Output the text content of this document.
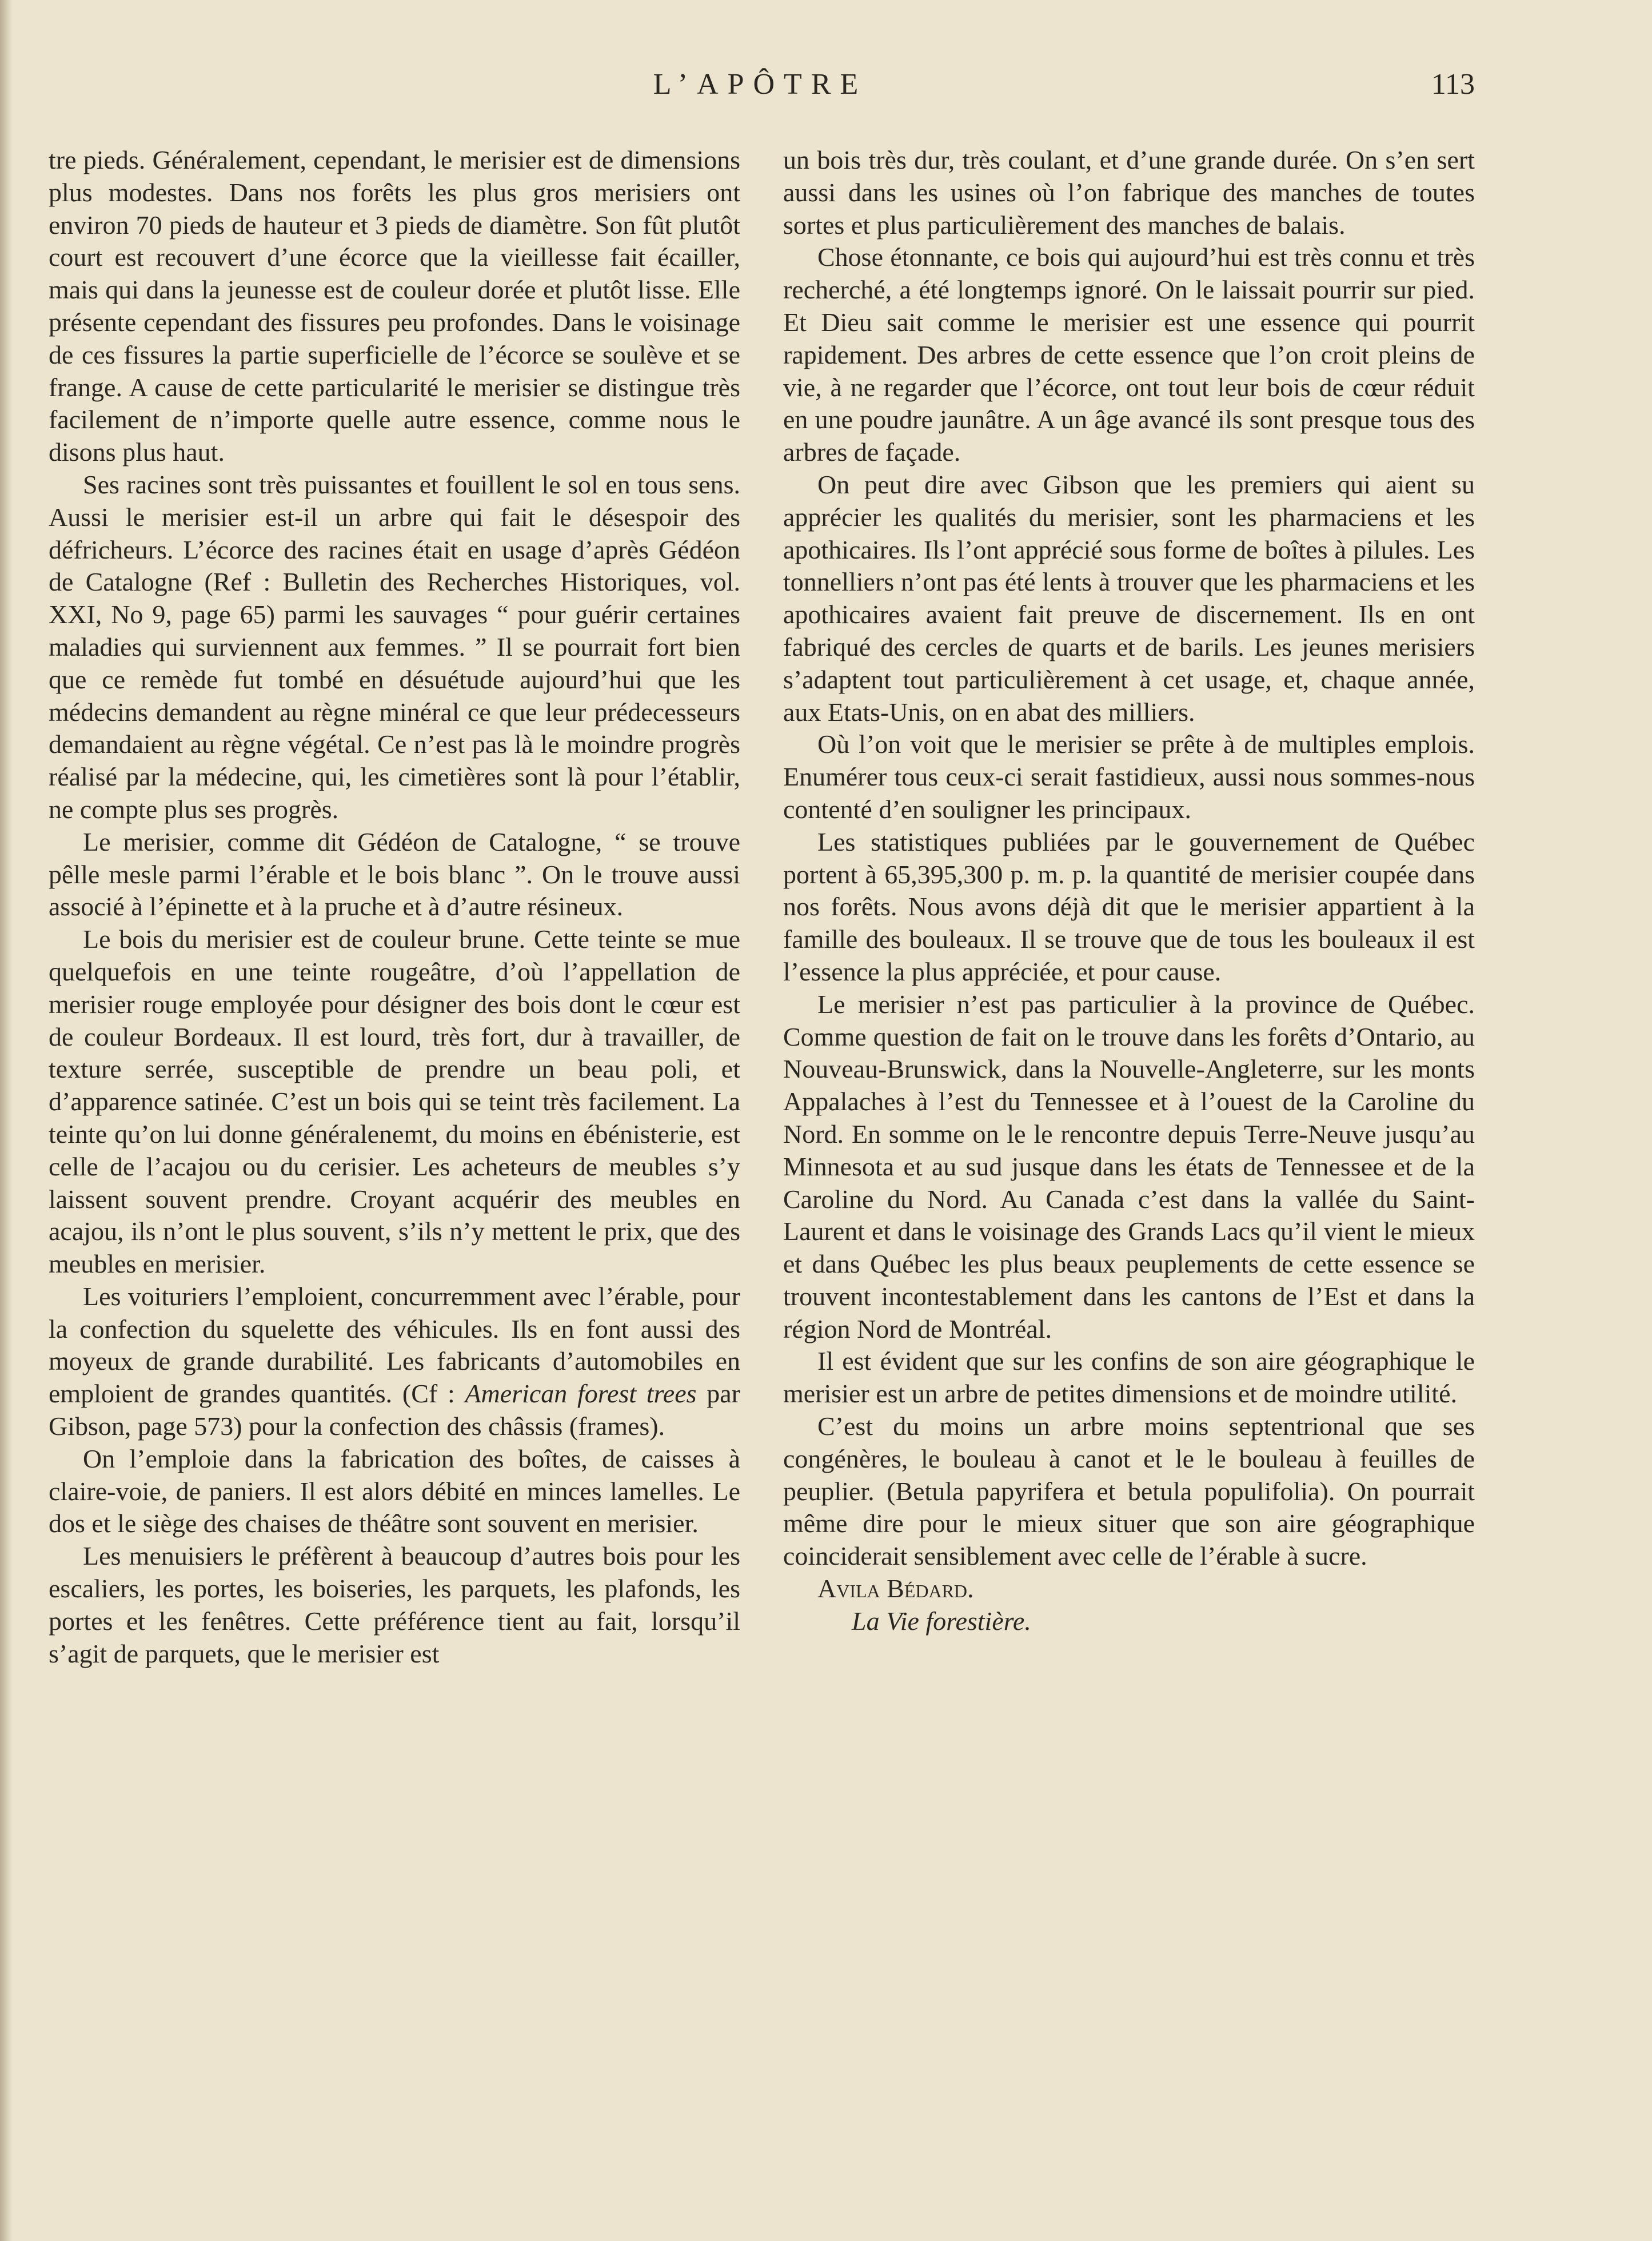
L’APÔTRE	113

tre pieds. Généralement, cependant, le merisier est de dimensions plus modestes. Dans nos forêts les plus gros merisiers ont environ 70 pieds de hauteur et 3 pieds de diamètre. Son fût plutôt court est recouvert d’une écorce que la vieillesse fait écailler, mais qui dans la jeunesse est de couleur dorée et plutôt lisse. Elle présente cependant des fissures peu profondes. Dans le voisinage de ces fissures la partie superficielle de l’écorce se soulève et se frange. A cause de cette particularité le merisier se distingue très facilement de n’importe quelle autre essence, comme nous le disons plus haut.

Ses racines sont très puissantes et fouillent le sol en tous sens. Aussi le merisier est-il un arbre qui fait le désespoir des défricheurs. L’écorce des racines était en usage d’après Gédéon de Catalogne (Ref : Bulletin des Recherches Historiques, vol. XXI, No 9, page 65) parmi les sauvages “ pour guérir certaines maladies qui surviennent aux femmes. ” Il se pourrait fort bien que ce remède fut tombé en désuétude aujourd’hui que les médecins demandent au règne minéral ce que leur prédecesseurs demandaient au règne végétal. Ce n’est pas là le moindre progrès réalisé par la médecine, qui, les cimetières sont là pour l’établir, ne compte plus ses progrès.

Le merisier, comme dit Gédéon de Catalogne, “ se trouve pêlle mesle parmi l’érable et le bois blanc ”. On le trouve aussi associé à l’épinette et à la pruche et à d’autre résineux.

Le bois du merisier est de couleur brune. Cette teinte se mue quelquefois en une teinte rougeâtre, d’où l’appellation de merisier rouge employée pour désigner des bois dont le cœur est de couleur Bordeaux. Il est lourd, très fort, dur à travailler, de texture serrée, susceptible de prendre un beau poli, et d’apparence satinée. C’est un bois qui se teint très facilement. La teinte qu’on lui donne généralenemt, du moins en ébénisterie, est celle de l’acajou ou du cerisier. Les acheteurs de meubles s’y laissent souvent prendre. Croyant acquérir des meubles en acajou, ils n’ont le plus souvent, s’ils n’y mettent le prix, que des meubles en merisier.

Les voituriers l’emploient, concurremment avec l’érable, pour la confection du squelette des véhicules. Ils en font aussi des moyeux de grande durabilité. Les fabricants d’automobiles en emploient de grandes quantités. (Cf : American forest trees par Gibson, page 573) pour la confection des châssis (frames).

On l’emploie dans la fabrication des boîtes, de caisses à claire-voie, de paniers. Il est alors débité en minces lamelles. Le dos et le siège des chaises de théâtre sont souvent en merisier.

Les menuisiers le préfèrent à beaucoup d’autres bois pour les escaliers, les portes, les boiseries, les parquets, les plafonds, les portes et les fenêtres. Cette préférence tient au fait, lorsqu’il s’agit de parquets, que le merisier est

un bois très dur, très coulant, et d’une grande durée. On s’en sert aussi dans les usines où l’on fabrique des manches de toutes sortes et plus particulièrement des manches de balais.

Chose étonnante, ce bois qui aujourd’hui est très connu et très recherché, a été longtemps ignoré. On le laissait pourrir sur pied. Et Dieu sait comme le merisier est une essence qui pourrit rapidement. Des arbres de cette essence que l’on croit pleins de vie, à ne regarder que l’écorce, ont tout leur bois de cœur réduit en une poudre jaunâtre. A un âge avancé ils sont presque tous des arbres de façade.

On peut dire avec Gibson que les premiers qui aient su apprécier les qualités du merisier, sont les pharmaciens et les apothicaires. Ils l’ont apprécié sous forme de boîtes à pilules. Les tonnelliers n’ont pas été lents à trouver que les pharmaciens et les apothicaires avaient fait preuve de discernement. Ils en ont fabriqué des cercles de quarts et de barils. Les jeunes merisiers s’adaptent tout particulièrement à cet usage, et, chaque année, aux Etats-Unis, on en abat des milliers.

Où l’on voit que le merisier se prête à de multiples emplois. Enumérer tous ceux-ci serait fastidieux, aussi nous sommes-nous contenté d’en souligner les principaux.

Les statistiques publiées par le gouvernement de Québec portent à 65,395,300 p. m. p. la quantité de merisier coupée dans nos forêts. Nous avons déjà dit que le merisier appartient à la famille des bouleaux. Il se trouve que de tous les bouleaux il est l’essence la plus appréciée, et pour cause.

Le merisier n’est pas particulier à la province de Québec. Comme question de fait on le trouve dans les forêts d’Ontario, au Nouveau-Brunswick, dans la Nouvelle-Angleterre, sur les monts Appalaches à l’est du Tennessee et à l’ouest de la Caroline du Nord. En somme on le le rencontre depuis Terre-Neuve jusqu’au Minnesota et au sud jusque dans les états de Tennessee et de la Caroline du Nord. Au Canada c’est dans la vallée du Saint-Laurent et dans le voisinage des Grands Lacs qu’il vient le mieux et dans Québec les plus beaux peuplements de cette essence se trouvent incontestablement dans les cantons de l’Est et dans la région Nord de Montréal.

Il est évident que sur les confins de son aire géographique le merisier est un arbre de petites dimensions et de moindre utilité.

C’est du moins un arbre moins septentrional que ses congénères, le bouleau à canot et le le bouleau à feuilles de peuplier. (Betula papyrifera et betula populifolia). On pourrait même dire pour le mieux situer que son aire géographique coinciderait sensiblement avec celle de l’érable à sucre.

Avila Bédard.

La Vie forestière.
